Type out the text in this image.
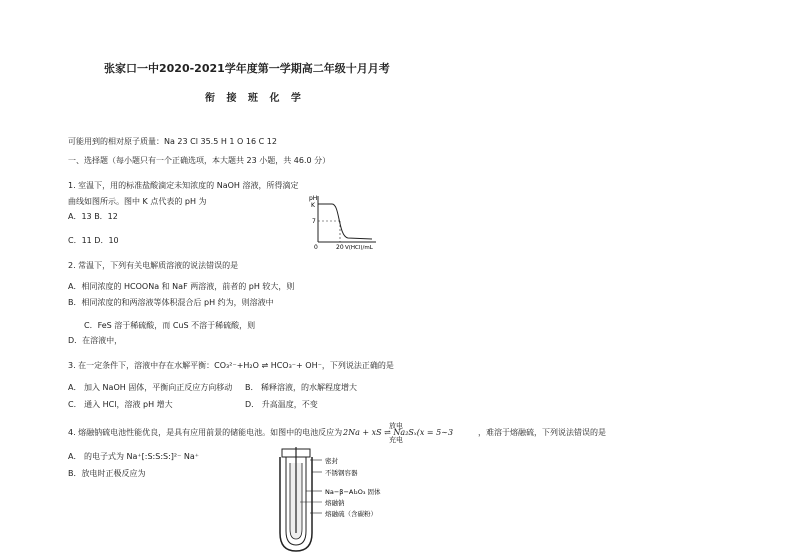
张家口一中2020-2021学年度第一学期高二年级十月月考
衔 接 班 化 学
可能用到的相对原子质量：Na 23 Cl 35.5 H 1 O 16 C 12
一、选择题（每小题只有一个正确选项，本大题共 23 小题，共 46.0 分）
1. 室温下，用的标准盐酸滴定未知浓度的 NaOH 溶液，所得滴定
曲线如图所示。图中 K 点代表的 pH 为
A．13 B．12
C．11 D．10
pH
K
7
0	20 V(HCl)/mL
2. 常温下，下列有关电解质溶液的说法错误的是
A．相同浓度的 HCOONa 和 NaF 两溶液，前者的 pH 较大，则
B．相同浓度的和两溶液等体积混合后 pH 约为，则溶液中
C．FeS 溶于稀硫酸，而 CuS 不溶于稀硫酸，则
D．在溶液中，
3. 在一定条件下，溶液中存在水解平衡：CO₃²⁻+H₂O ⇌ HCO₃⁻+ OH⁻，下列说法正确的是
A． 加入 NaOH 固体，平衡向正反应方向移动 B． 稀释溶液，的水解程度增大
C． 通入 HCl，溶液 pH 增大	D． 升高温度，不变
4. 熔融钠硫电池性能优良，是具有应用前景的储能电池。如图中的电池反应为
放电
充电
2Na + xS ⇌ Na₂Sₓ(x = 5∼3	，难溶于熔融硫，下列说法错误的是
A． 的电子式为 Na⁺[:S:S:S:]²⁻ Na⁺
B．放电时正极反应为
密封
不锈钢容器
Na−β−Al₂O₃ 固体
熔融钠
熔融硫（含碳粉）
